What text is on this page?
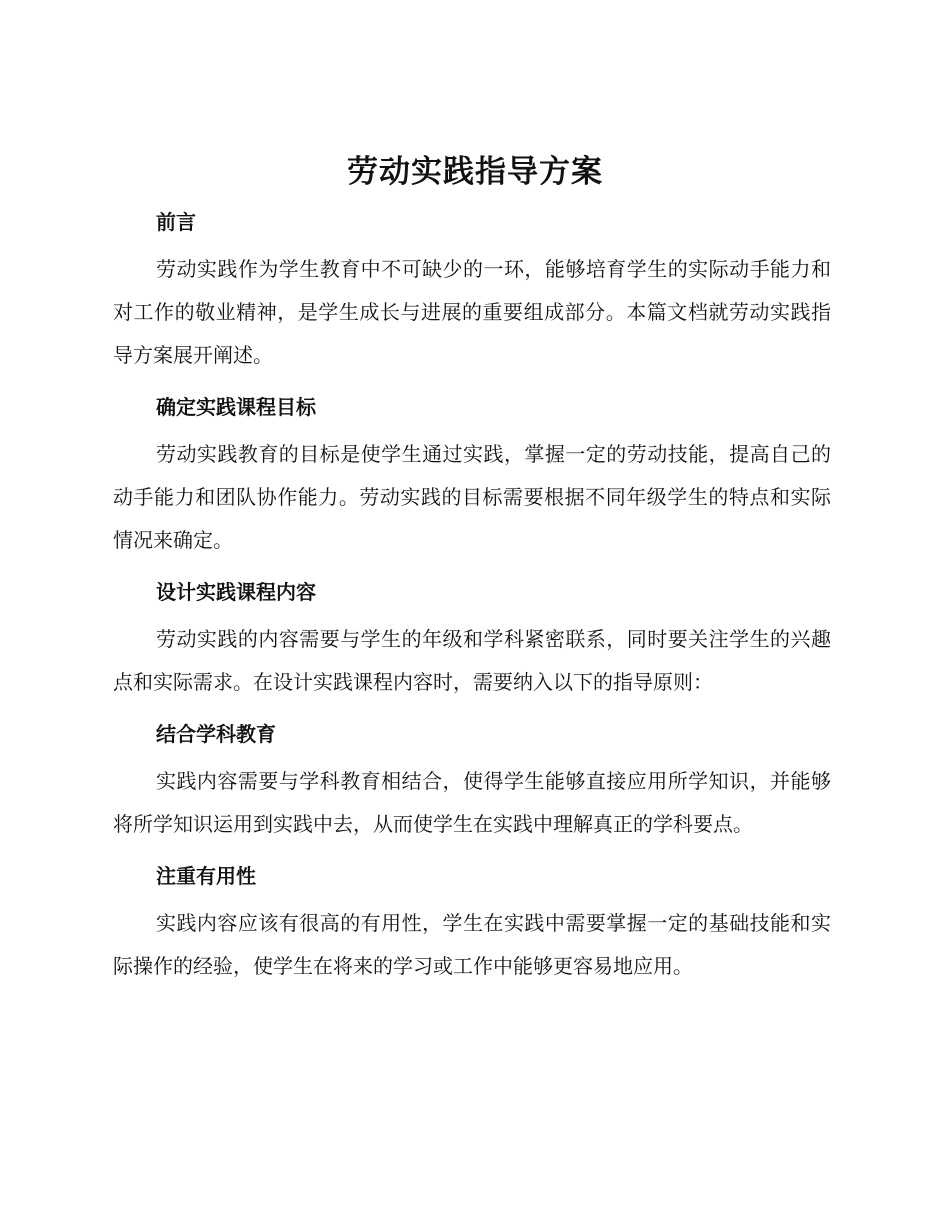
劳动实践指导方案
前言

劳动实践作为学生教育中不可缺少的一环，能够培育学生的实际动手能力和对工作的敬业精神，是学生成长与进展的重要组成部分。本篇文档就劳动实践指导方案展开阐述。

确定实践课程目标

劳动实践教育的目标是使学生通过实践，掌握一定的劳动技能，提高自己的动手能力和团队协作能力。劳动实践的目标需要根据不同年级学生的特点和实际情况来确定。

设计实践课程内容

劳动实践的内容需要与学生的年级和学科紧密联系，同时要关注学生的兴趣点和实际需求。在设计实践课程内容时，需要纳入以下的指导原则：

结合学科教育

实践内容需要与学科教育相结合，使得学生能够直接应用所学知识，并能够将所学知识运用到实践中去，从而使学生在实践中理解真正的学科要点。

注重有用性

实践内容应该有很高的有用性，学生在实践中需要掌握一定的基础技能和实际操作的经验，使学生在将来的学习或工作中能够更容易地应用。
